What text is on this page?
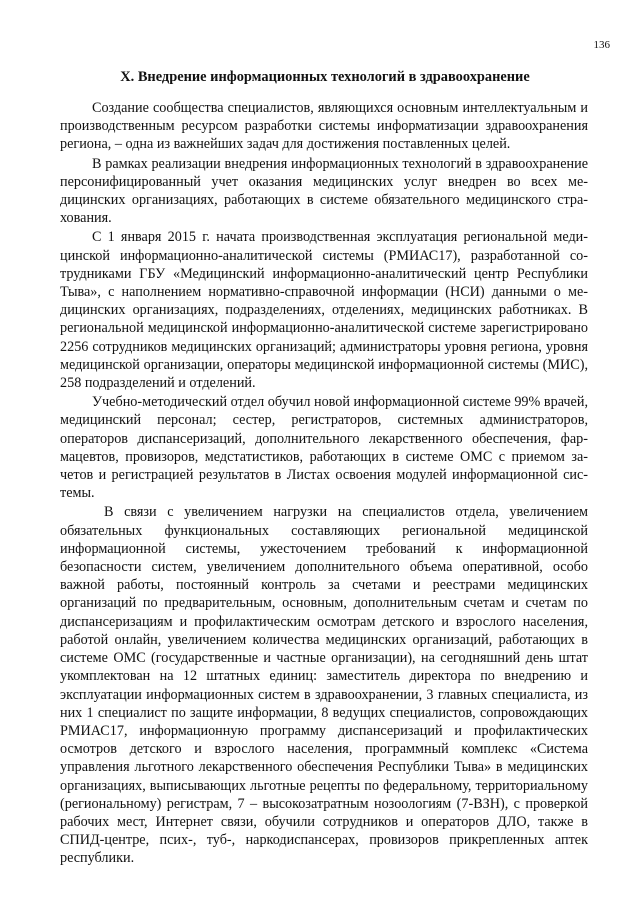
136
X. Внедрение информационных технологий в здравоохранение

Создание сообщества специалистов, являющихся основным интеллектуальным и производственным ресурсом разработки системы информатизации здравоохранения региона, – одна из важнейших задач для достижения поставленных целей.

В рамках реализации внедрения информационных технологий в здравоохранение персонифицированный учет оказания медицинских услуг внедрен во всех медицинских организациях, работающих в системе обязательного медицинского страхования.

С 1 января 2015 г. начата производственная эксплуатация региональной медицинской информационно-аналитической системы (РМИАС17), разработанной сотрудниками ГБУ «Медицинский информационно-аналитический центр Республики Тыва», с наполнением нормативно-справочной информации (НСИ) данными о медицинских организациях, подразделениях, отделениях, медицинских работниках. В региональной медицинской информационно-аналитической системе зарегистрировано 2256 сотрудников медицинских организаций; администраторы уровня региона, уровня медицинской организации, операторы медицинской информационной системы (МИС), 258 подразделений и отделений.

Учебно-методический отдел обучил новой информационной системе 99% врачей, медицинский персонал; сестер, регистраторов, системных администраторов, операторов диспансеризаций, дополнительного лекарственного обеспечения, фармацевтов, провизоров, медстатистиков, работающих в системе ОМС с приемом зачетов и регистрацией результатов в Листах освоения модулей информационной системы.

В связи с увеличением нагрузки на специалистов отдела, увеличением обязательных функциональных составляющих региональной медицинской информационной системы, ужесточением требований к информационной безопасности систем, увеличением дополнительного объема оперативной, особо важной работы, постоянный контроль за счетами и реестрами медицинских организаций по предварительным, основным, дополнительным счетам и счетам по диспансеризациям и профилактическим осмотрам детского и взрослого населения, работой онлайн, увеличением количества медицинских организаций, работающих в системе ОМС (государственные и частные организации), на сегодняшний день штат укомплектован на 12 штатных единиц: заместитель директора по внедрению и эксплуатации информационных систем в здравоохранении, 3 главных специалиста, из них 1 специалист по защите информации, 8 ведущих специалистов, сопровождающих РМИАС17, информационную программу диспансеризаций и профилактических осмотров детского и взрослого населения, программный комплекс «Система управления льготного лекарственного обеспечения Республики Тыва» в медицинских организациях, выписывающих льготные рецепты по федеральному, территориальному (региональному) регистрам, 7 – высокозатратным нозоологиям (7-ВЗН), с проверкой рабочих мест, Интернет связи, обучили сотрудников и операторов ДЛО, также в СПИД-центре, псих-, туб-, наркодиспансерах, провизоров прикрепленных аптек республики.
